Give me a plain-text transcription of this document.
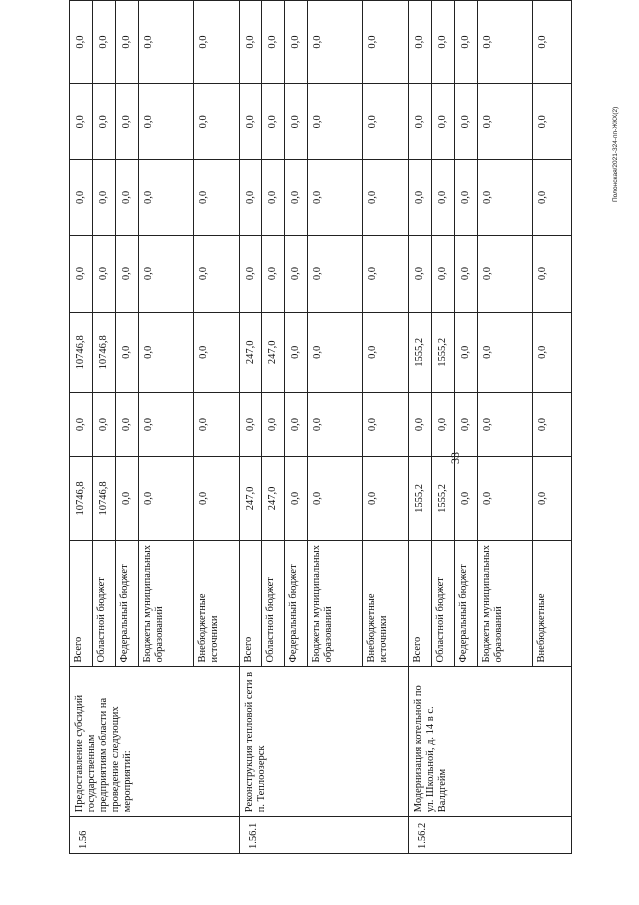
33
Полонская/2021-324-пп-ЖКХ(2)
1.56	Предоставление субсидий государственным предприятиям области на проведение следующих мероприятий:	Всего	10746,8	0,0	10746,8	0,0	0,0	0,0	0,0
		Областной бюджет	10746,8	0,0	10746,8	0,0	0,0	0,0	0,0
		Федеральный бюджет	0,0	0,0	0,0	0,0	0,0	0,0	0,0
		Бюджеты муниципальных образований	0,0	0,0	0,0	0,0	0,0	0,0	0,0
		Внебюджетные источники	0,0	0,0	0,0	0,0	0,0	0,0	0,0
1.56.1	Реконструкция тепловой сети в п. Теплоозерск	Всего	247,0	0,0	247,0	0,0	0,0	0,0	0,0
		Областной бюджет	247,0	0,0	247,0	0,0	0,0	0,0	0,0
		Федеральный бюджет	0,0	0,0	0,0	0,0	0,0	0,0	0,0
		Бюджеты муниципальных образований	0,0	0,0	0,0	0,0	0,0	0,0	0,0
		Внебюджетные источники	0,0	0,0	0,0	0,0	0,0	0,0	0,0
1.56.2	Модернизация котельной по ул. Школьной, д. 14 в с. Валдгейм	Всего	1555,2	0,0	1555,2	0,0	0,0	0,0	0,0
		Областной бюджет	1555,2	0,0	1555,2	0,0	0,0	0,0	0,0
		Федеральный бюджет	0,0	0,0	0,0	0,0	0,0	0,0	0,0
		Бюджеты муниципальных образований	0,0	0,0	0,0	0,0	0,0	0,0	0,0
		Внебюджетные	0,0	0,0	0,0	0,0	0,0	0,0	0,0
